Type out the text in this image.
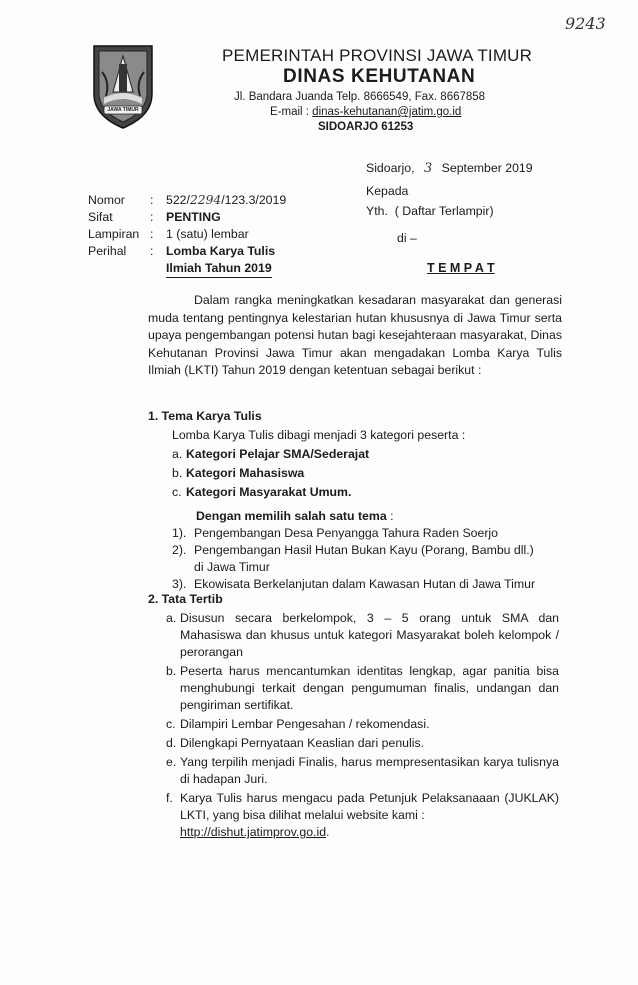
9243
JAWA TIMUR
PEMERINTAH PROVINSI JAWA TIMUR
DINAS KEHUTANAN
Jl. Bandara Juanda Telp. 8666549, Fax. 8667858
E-mail : dinas-kehutanan@jatim.go.id
SIDOARJO 61253
Sidoarjo, 3 September 2019
Kepada
Yth. ( Daftar Terlampir)
di –
T E M P A T
Nomor
Sifat
Lampiran
Perihal
:
:
:
:
522/2294/123.3/2019
PENTING
1 (satu) lembar
Lomba Karya Tulis
Ilmiah Tahun 2019
Dalam rangka meningkatkan kesadaran masyarakat dan generasi muda tentang pentingnya kelestarian hutan khususnya di Jawa Timur serta upaya pengembangan potensi hutan bagi kesejahteraan masyarakat, Dinas Kehutanan Provinsi Jawa Timur akan mengadakan Lomba Karya Tulis Ilmiah (LKTI) Tahun 2019 dengan ketentuan sebagai berikut :
1. Tema Karya Tulis
Lomba Karya Tulis dibagi menjadi 3 kategori peserta :
a. Kategori Pelajar SMA/Sederajat
b. Kategori Mahasiswa
c. Kategori Masyarakat Umum.
Dengan memilih salah satu tema :
1). Pengembangan Desa Penyangga Tahura Raden Soerjo
2). Pengembangan Hasil Hutan Bukan Kayu (Porang, Bambu dll.)
di Jawa Timur
3). Ekowisata Berkelanjutan dalam Kawasan Hutan di Jawa Timur
2. Tata Tertib
a. Disusun secara berkelompok, 3 – 5 orang untuk SMA dan Mahasiswa dan khusus untuk kategori Masyarakat boleh kelompok / perorangan
b. Peserta harus mencantumkan identitas lengkap, agar panitia bisa menghubungi terkait dengan pengumuman finalis, undangan dan pengiriman sertifikat.
c. Dilampiri Lembar Pengesahan / rekomendasi.
d. Dilengkapi Pernyataan Keaslian dari penulis.
e. Yang terpilih menjadi Finalis, harus mempresentasikan karya tulisnya di hadapan Juri.
f. Karya Tulis harus mengacu pada Petunjuk Pelaksanaaan (JUKLAK) LKTI, yang bisa dilihat melalui website kami :
http://dishut.jatimprov.go.id.
